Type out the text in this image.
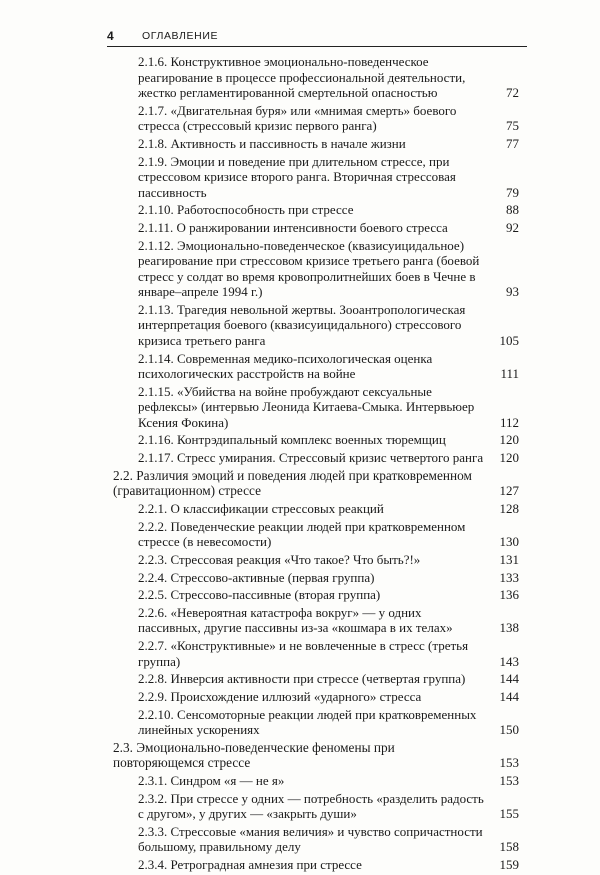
4	ОГЛАВЛЕНИЕ
2.1.6. Конструктивное эмоционально-поведенческое реагирование в процессе профессиональной деятельности, жестко регламентированной смертельной опасностью	72
2.1.7. «Двигательная буря» или «мнимая смерть» боевого стресса (стрессовый кризис первого ранга)	75
2.1.8. Активность и пассивность в начале жизни	77
2.1.9. Эмоции и поведение при длительном стрессе, при стрессовом кризисе второго ранга. Вторичная стрессовая пассивность	79
2.1.10. Работоспособность при стрессе	88
2.1.11. О ранжировании интенсивности боевого стресса	92
2.1.12. Эмоционально-поведенческое (квазисуицидальное) реагирование при стрессовом кризисе третьего ранга (боевой стресс у солдат во время кровопролитнейших боев в Чечне в январе–апреле 1994 г.)	93
2.1.13. Трагедия невольной жертвы. Зооантропологическая интерпретация боевого (квазисуицидального) стрессового кризиса третьего ранга	105
2.1.14. Современная медико-психологическая оценка психологических расстройств на войне	111
2.1.15. «Убийства на войне пробуждают сексуальные рефлексы» (интервью Леонида Китаева-Смыка. Интервьюер Ксения Фокина)	112
2.1.16. Контрэдипальный комплекс военных тюремщиц	120
2.1.17. Стресс умирания. Стрессовый кризис четвертого ранга	120
2.2. Различия эмоций и поведения людей при кратковременном (гравитационном) стрессе	127
2.2.1. О классификации стрессовых реакций	128
2.2.2. Поведенческие реакции людей при кратковременном стрессе (в невесомости)	130
2.2.3. Стрессовая реакция «Что такое? Что быть?!»	131
2.2.4. Стрессово-активные (первая группа)	133
2.2.5. Стрессово-пассивные (вторая группа)	136
2.2.6. «Невероятная катастрофа вокруг» — у одних пассивных, другие пассивны из-за «кошмара в их телах»	138
2.2.7. «Конструктивные» и не вовлеченные в стресс (третья группа)	143
2.2.8. Инверсия активности при стрессе (четвертая группа)	144
2.2.9. Происхождение иллюзий «ударного» стресса	144
2.2.10. Сенсомоторные реакции людей при кратковременных линейных ускорениях	150
2.3. Эмоционально-поведенческие феномены при повторяющемся стрессе	153
2.3.1. Синдром «я — не я»	153
2.3.2. При стрессе у одних — потребность «разделить радость с другом», у других — «закрыть души»	155
2.3.3. Стрессовые «мания величия» и чувство сопричастности большому, правильному делу	158
2.3.4. Ретроградная амнезия при стрессе	159
